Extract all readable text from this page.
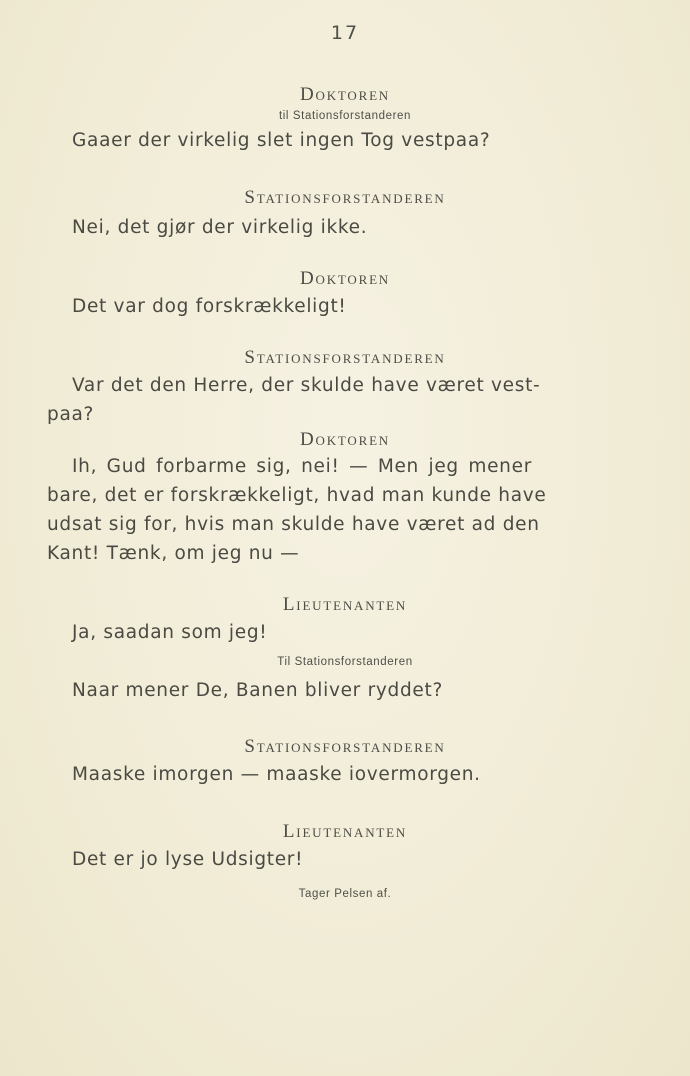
17
Doktoren
til Stationsforstanderen
Gaaer der virkelig slet ingen Tog vestpaa?
Stationsforstanderen
Nei, det gjør der virkelig ikke.
Doktoren
Det var dog forskrækkeligt!
Stationsforstanderen
Var det den Herre, der skulde have været vest-
paa?
Doktoren
Ih, Gud forbarme sig, nei! — Men jeg mener
bare, det er forskrækkeligt, hvad man kunde have
udsat sig for, hvis man skulde have været ad den
Kant! Tænk, om jeg nu —
Lieutenanten
Ja, saadan som jeg!
Til Stationsforstanderen
Naar mener De, Banen bliver ryddet?
Stationsforstanderen
Maaske imorgen — maaske iovermorgen.
Lieutenanten
Det er jo lyse Udsigter!
Tager Pelsen af.
